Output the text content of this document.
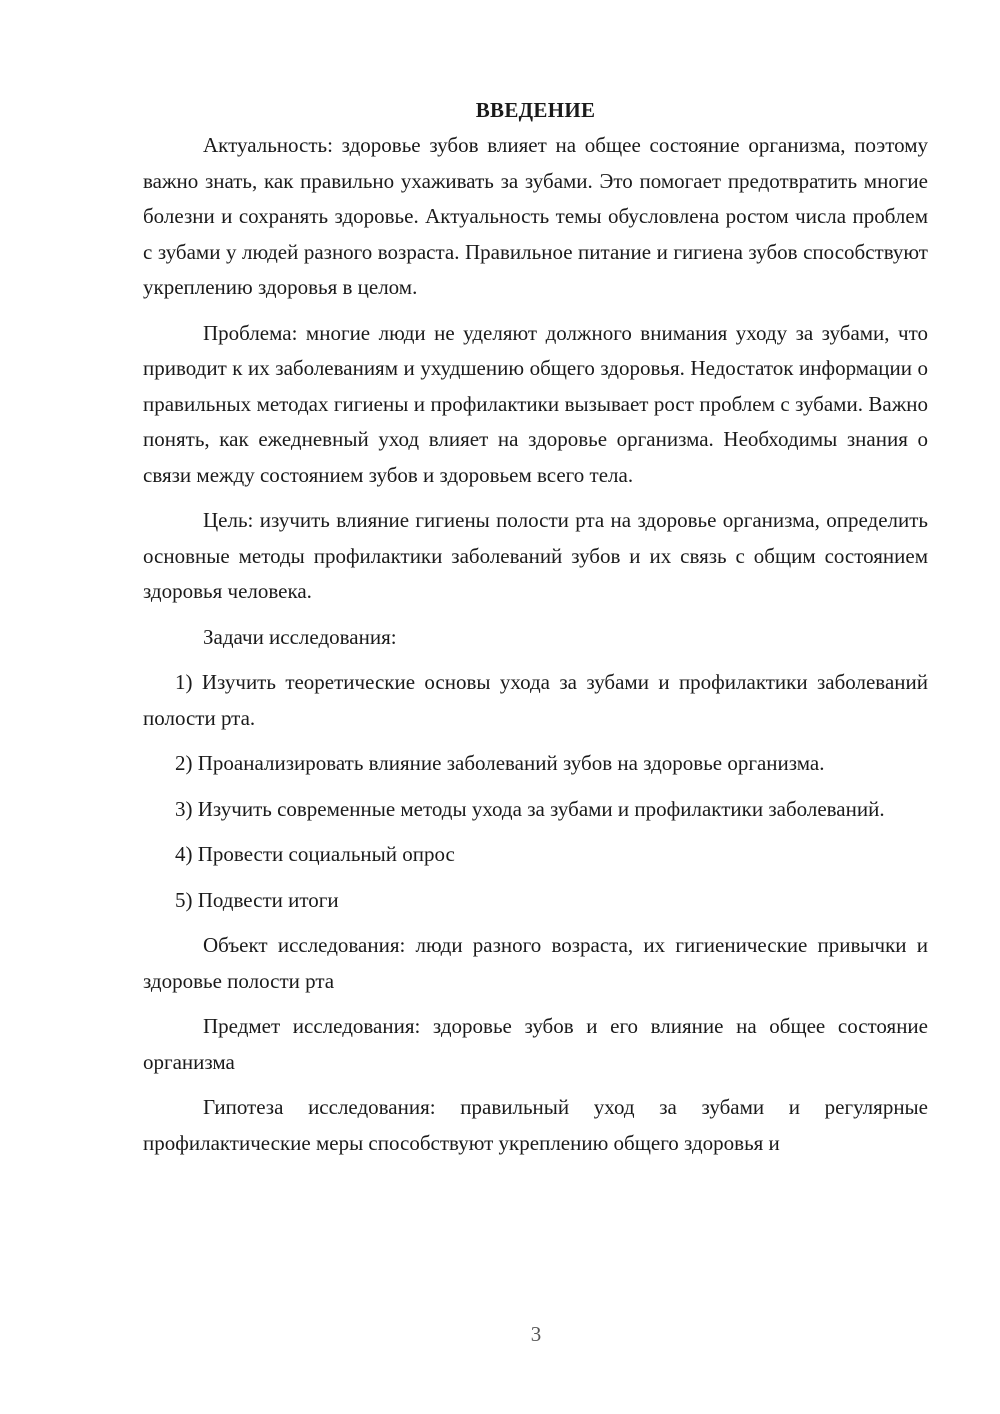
ВВЕДЕНИЕ

Актуальность: здоровье зубов влияет на общее состояние организма, поэтому важно знать, как правильно ухаживать за зубами. Это помогает предотвратить многие болезни и сохранять здоровье. Актуальность темы обусловлена ростом числа проблем с зубами у людей разного возраста. Правильное питание и гигиена зубов способствуют укреплению здоровья в целом.

Проблема: многие люди не уделяют должного внимания уходу за зубами, что приводит к их заболеваниям и ухудшению общего здоровья. Недостаток информации о правильных методах гигиены и профилактики вызывает рост проблем с зубами. Важно понять, как ежедневный уход влияет на здоровье организма. Необходимы знания о связи между состоянием зубов и здоровьем всего тела.

Цель: изучить влияние гигиены полости рта на здоровье организма, определить основные методы профилактики заболеваний зубов и их связь с общим состоянием здоровья человека.

Задачи исследования:

1) Изучить теоретические основы ухода за зубами и профилактики заболеваний полости рта.

2) Проанализировать влияние заболеваний зубов на здоровье организма.

3) Изучить современные методы ухода за зубами и профилактики заболеваний.

4) Провести социальный опрос

5) Подвести итоги

Объект исследования: люди разного возраста, их гигиенические привычки и здоровье полости рта

Предмет исследования: здоровье зубов и его влияние на общее состояние организма

Гипотеза исследования: правильный уход за зубами и регулярные профилактические меры способствуют укреплению общего здоровья и

3
